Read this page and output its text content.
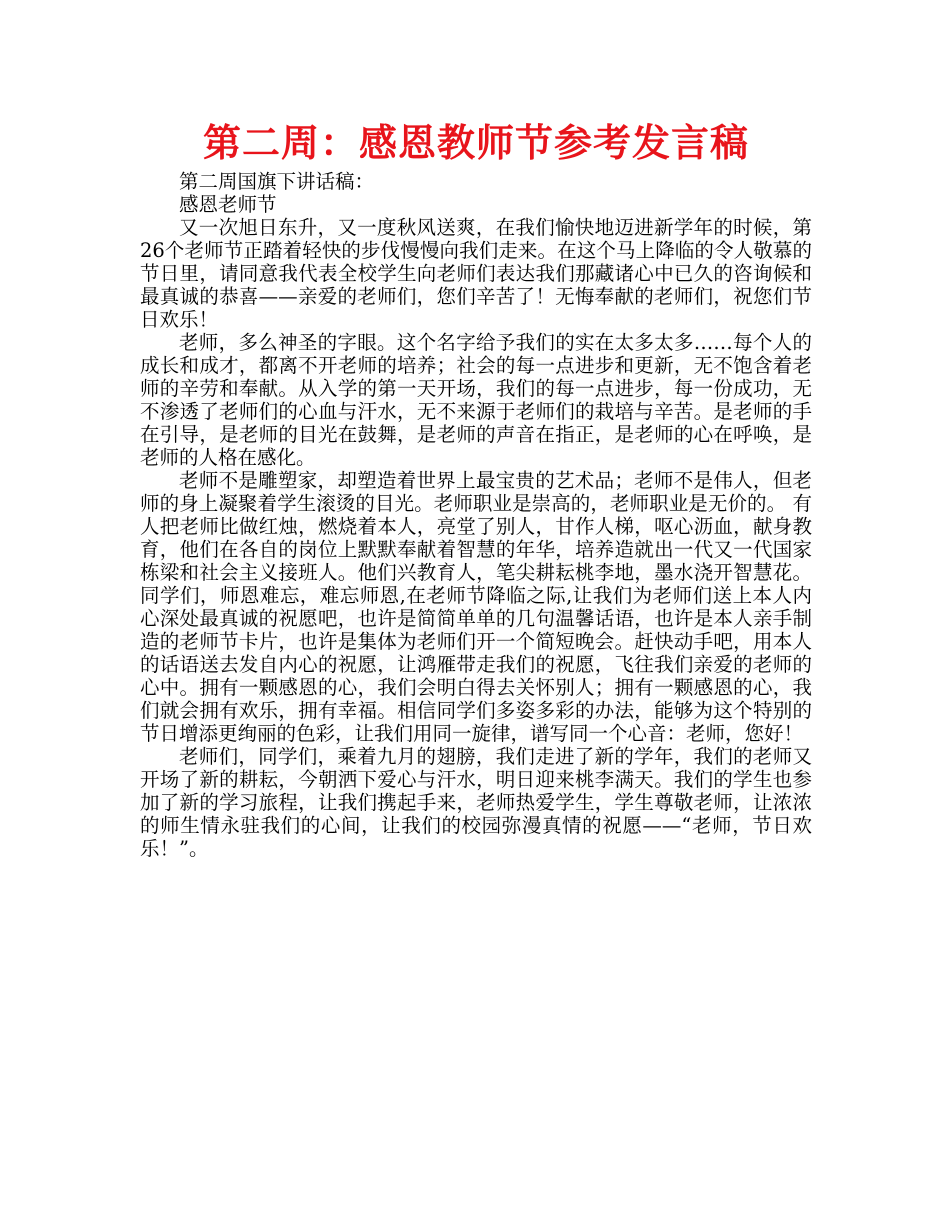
第二周：感恩教师节参考发言稿

第二周国旗下讲话稿：

感恩老师节

又一次旭日东升，又一度秋风送爽，在我们愉快地迈进新学年的时候，第26个老师节正踏着轻快的步伐慢慢向我们走来。在这个马上降临的令人敬慕的节日里，请同意我代表全校学生向老师们表达我们那藏诸心中已久的咨询候和最真诚的恭喜——亲爱的老师们，您们辛苦了！无悔奉献的老师们，祝您们节日欢乐！

老师，多么神圣的字眼。这个名字给予我们的实在太多太多……每个人的成长和成才，都离不开老师的培养；社会的每一点进步和更新，无不饱含着老师的辛劳和奉献。从入学的第一天开场，我们的每一点进步，每一份成功，无不渗透了老师们的心血与汗水，无不来源于老师们的栽培与辛苦。是老师的手在引导，是老师的目光在鼓舞，是老师的声音在指正，是老师的心在呼唤，是老师的人格在感化。

老师不是雕塑家，却塑造着世界上最宝贵的艺术品；老师不是伟人，但老师的身上凝聚着学生滚烫的目光。老师职业是崇高的，老师职业是无价的。 有人把老师比做红烛，燃烧着本人，亮堂了别人，甘作人梯，呕心沥血，献身教育，他们在各自的岗位上默默奉献着智慧的年华，培养造就出一代又一代国家栋梁和社会主义接班人。他们兴教育人，笔尖耕耘桃李地，墨水浇开智慧花。同学们，师恩难忘，难忘师恩,在老师节降临之际,让我们为老师们送上本人内心深处最真诚的祝愿吧，也许是简简单单的几句温馨话语，也许是本人亲手制造的老师节卡片，也许是集体为老师们开一个简短晚会。赶快动手吧，用本人的话语送去发自内心的祝愿，让鸿雁带走我们的祝愿，飞往我们亲爱的老师的心中。拥有一颗感恩的心，我们会明白得去关怀别人；拥有一颗感恩的心，我们就会拥有欢乐，拥有幸福。相信同学们多姿多彩的办法，能够为这个特别的节日增添更绚丽的色彩，让我们用同一旋律，谱写同一个心音：老师，您好！

老师们，同学们，乘着九月的翅膀，我们走进了新的学年，我们的老师又开场了新的耕耘，今朝洒下爱心与汗水，明日迎来桃李满天。我们的学生也参加了新的学习旅程，让我们携起手来，老师热爱学生，学生尊敬老师，让浓浓的师生情永驻我们的心间，让我们的校园弥漫真情的祝愿——“老师，节日欢乐！”。
